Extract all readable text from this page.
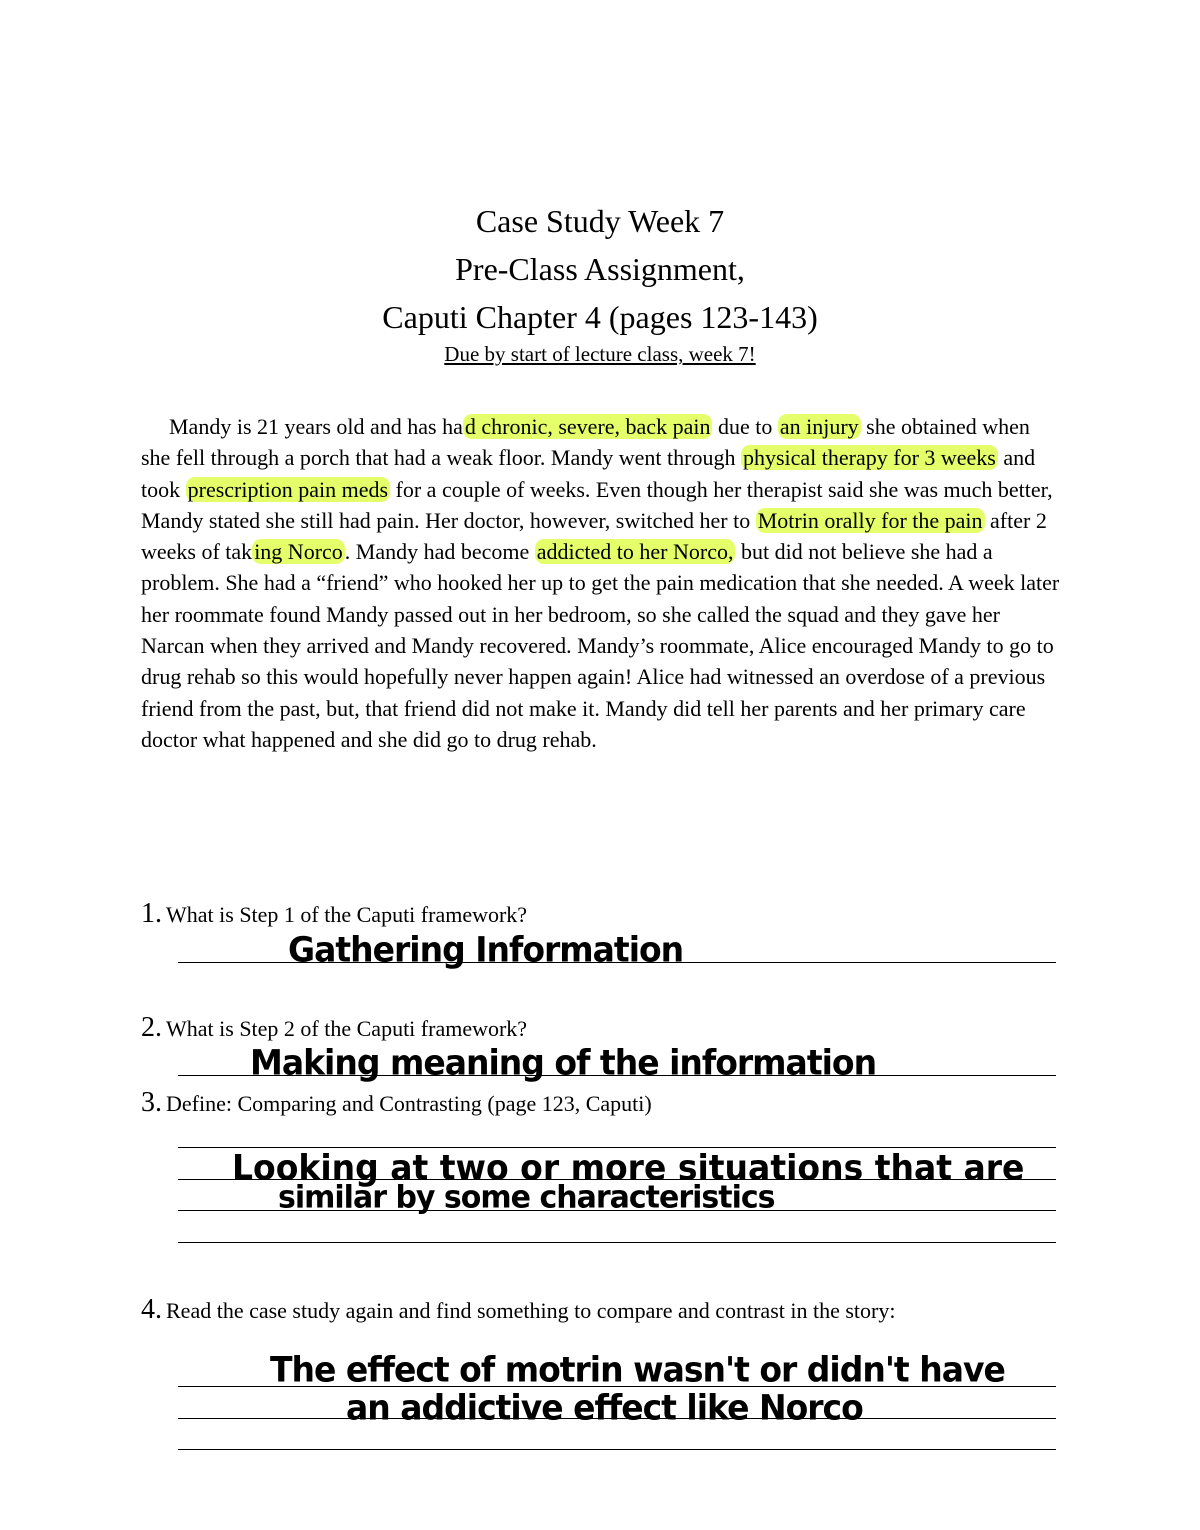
Case Study Week 7
Pre-Class Assignment,
Caputi Chapter 4 (pages 123-143)
Due by start of lecture class, week 7!
Mandy is 21 years old and has had chronic, severe, back pain due to an injury she obtained when she fell through a porch that had a weak floor. Mandy went through physical therapy for 3 weeks and took prescription pain meds for a couple of weeks. Even though her therapist said she was much better, Mandy stated she still had pain. Her doctor, however, switched her to Motrin orally for the pain after 2 weeks of taking Norco. Mandy had become addicted to her Norco, but did not believe she had a problem. She had a “friend” who hooked her up to get the pain medication that she needed. A week later her roommate found Mandy passed out in her bedroom, so she called the squad and they gave her Narcan when they arrived and Mandy recovered. Mandy’s roommate, Alice encouraged Mandy to go to drug rehab so this would hopefully never happen again! Alice had witnessed an overdose of a previous friend from the past, but, that friend did not make it. Mandy did tell her parents and her primary care doctor what happened and she did go to drug rehab.
1. What is Step 1 of the Caputi framework?
Gathering Information
2. What is Step 2 of the Caputi framework?
Making meaning of the information
3. Define: Comparing and Contrasting (page 123, Caputi)
Looking at two or more situations that are
similar by some characteristics
4. Read the case study again and find something to compare and contrast in the story:
The effect of motrin wasn't or didn't have
an addictive effect like Norco
